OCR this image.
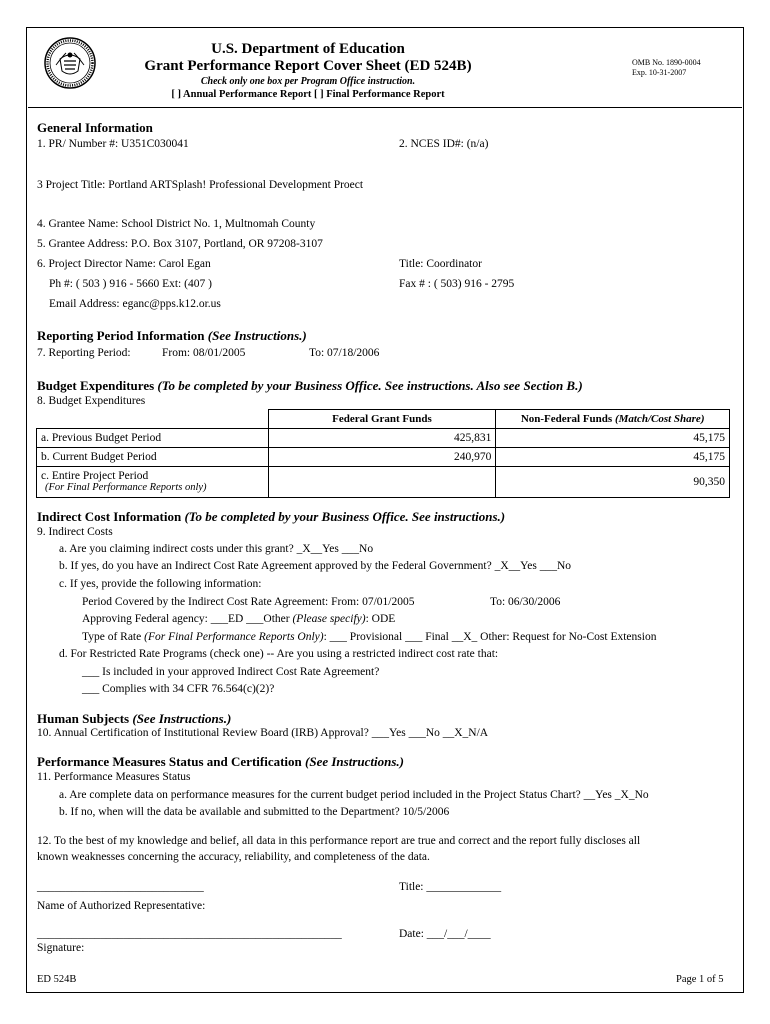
U.S. Department of Education
Grant Performance Report Cover Sheet (ED 524B)
Check only one box per Program Office instruction.
[ ] Annual Performance Report [ ] Final Performance Report
OMB No. 1890-0004
Exp. 10-31-2007
General Information
1. PR/ Number #: U351C030041	2. NCES ID#: (n/a)
3 Project Title: Portland ARTSplash! Professional Development Proect
4. Grantee Name: School District No. 1, Multnomah County
5. Grantee Address: P.O. Box 3107, Portland, OR 97208-3107
6. Project Director Name: Carol Egan	Title: Coordinator
Ph #: ( 503 ) 916 - 5660 Ext: (407 )	Fax # : ( 503) 916 - 2795
Email Address: eganc@pps.k12.or.us
Reporting Period Information (See Instructions.)
7. Reporting Period:	From: 08/01/2005	To: 07/18/2006
Budget Expenditures (To be completed by your Business Office. See instructions. Also see Section B.)
8. Budget Expenditures
	Federal Grant Funds	Non-Federal Funds (Match/Cost Share)
a. Previous Budget Period	425,831	45,175
b. Current Budget Period	240,970	45,175

c. Entire Project Period
(For Final Performance Reports only)		90,350
Indirect Cost Information (To be completed by your Business Office. See instructions.)
9. Indirect Costs
a. Are you claiming indirect costs under this grant? _X__Yes ___No
b. If yes, do you have an Indirect Cost Rate Agreement approved by the Federal Government? _X__Yes ___No
c. If yes, provide the following information:
Period Covered by the Indirect Cost Rate Agreement: From: 07/01/2005	To: 06/30/2006
Approving Federal agency: ___ED ___Other (Please specify): ODE
Type of Rate (For Final Performance Reports Only): ___ Provisional ___ Final __X_ Other: Request for No-Cost Extension
d. For Restricted Rate Programs (check one) -- Are you using a restricted indirect cost rate that:
___ Is included in your approved Indirect Cost Rate Agreement?
___ Complies with 34 CFR 76.564(c)(2)?
Human Subjects (See Instructions.)
10. Annual Certification of Institutional Review Board (IRB) Approval? ___Yes ___No __X_N/A
Performance Measures Status and Certification (See Instructions.)
11. Performance Measures Status
a. Are complete data on performance measures for the current budget period included in the Project Status Chart? __Yes _X_No
b. If no, when will the data be available and submitted to the Department? 10/5/2006
12. To the best of my knowledge and belief, all data in this performance report are true and correct and the report fully discloses all
known weaknesses concerning the accuracy, reliability, and completeness of the data.
_____________________________	Title: _____________
Name of Authorized Representative:
_____________________________________________________	Date: ___/___/____
Signature:
ED 524B	Page 1 of 5
